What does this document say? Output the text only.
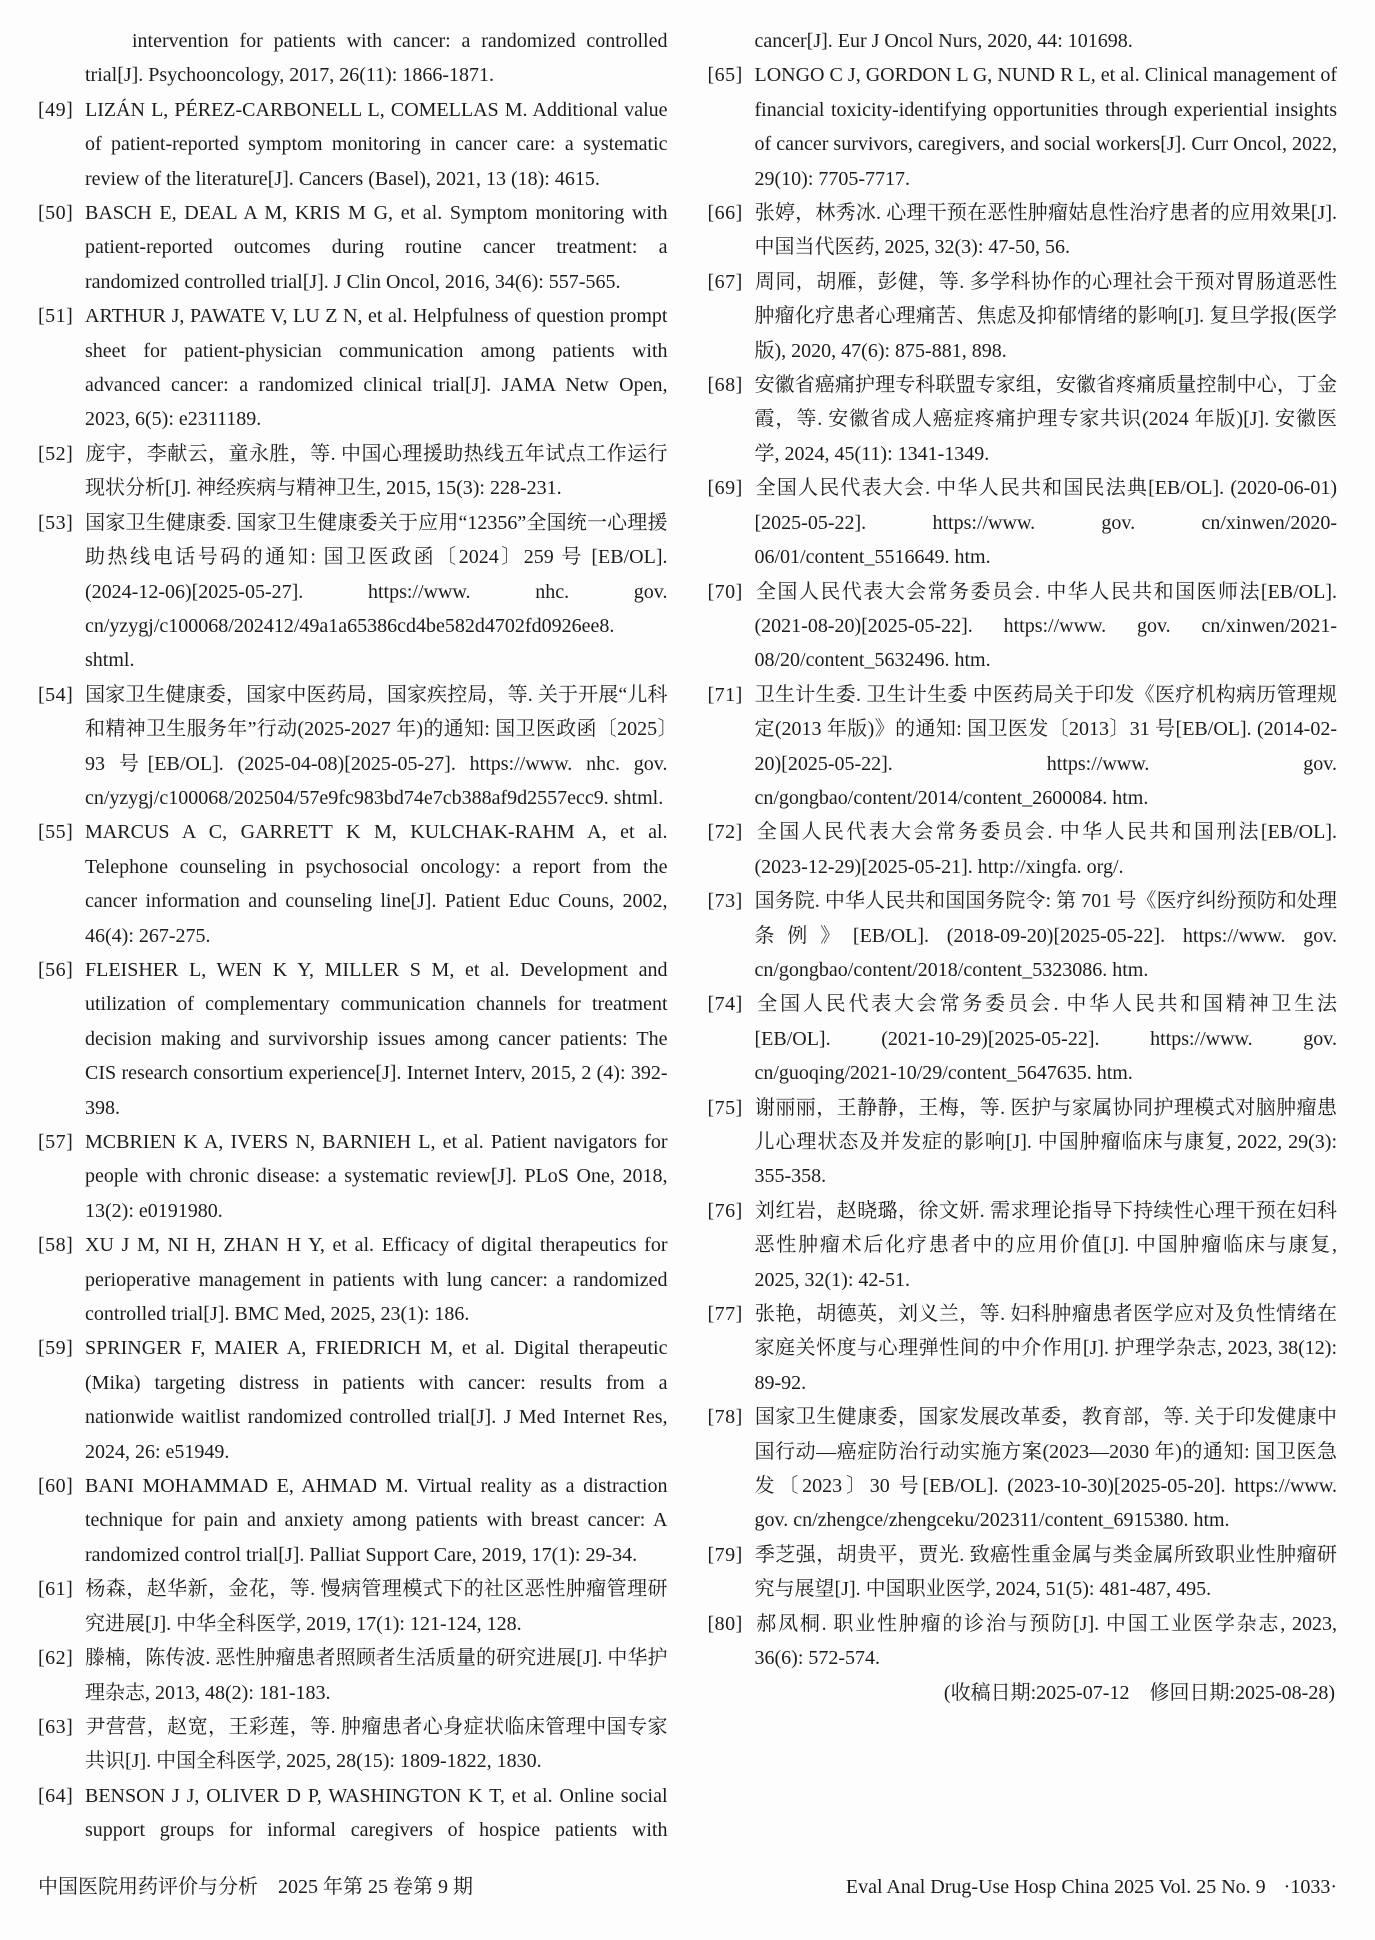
intervention for patients with cancer: a randomized controlled trial[J]. Psychooncology, 2017, 26(11): 1866-1871.
[49] LIZÁN L, PÉREZ-CARBONELL L, COMELLAS M. Additional value of patient-reported symptom monitoring in cancer care: a systematic review of the literature[J]. Cancers (Basel), 2021, 13 (18): 4615.
[50] BASCH E, DEAL A M, KRIS M G, et al. Symptom monitoring with patient-reported outcomes during routine cancer treatment: a randomized controlled trial[J]. J Clin Oncol, 2016, 34(6): 557-565.
[51] ARTHUR J, PAWATE V, LU Z N, et al. Helpfulness of question prompt sheet for patient-physician communication among patients with advanced cancer: a randomized clinical trial[J]. JAMA Netw Open, 2023, 6(5): e2311189.
[52] 庞宇，李献云，童永胜，等. 中国心理援助热线五年试点工作运行现状分析[J]. 神经疾病与精神卫生, 2015, 15(3): 228-231.
[53] 国家卫生健康委. 国家卫生健康委关于应用“12356”全国统一心理援助热线电话号码的通知: 国卫医政函〔2024〕259 号 [EB/OL]. (2024-12-06)[2025-05-27]. https://www. nhc. gov. cn/yzygj/c100068/202412/49a1a65386cd4be582d4702fd0926ee8. shtml.
[54] 国家卫生健康委，国家中医药局，国家疾控局，等. 关于开展“儿科和精神卫生服务年”行动(2025-2027 年)的通知: 国卫医政函〔2025〕93 号[EB/OL]. (2025-04-08)[2025-05-27]. https://www. nhc. gov. cn/yzygj/c100068/202504/57e9fc983bd74e7cb388af9d2557ecc9. shtml.
[55] MARCUS A C, GARRETT K M, KULCHAK-RAHM A, et al. Telephone counseling in psychosocial oncology: a report from the cancer information and counseling line[J]. Patient Educ Couns, 2002, 46(4): 267-275.
[56] FLEISHER L, WEN K Y, MILLER S M, et al. Development and utilization of complementary communication channels for treatment decision making and survivorship issues among cancer patients: The CIS research consortium experience[J]. Internet Interv, 2015, 2 (4): 392-398.
[57] MCBRIEN K A, IVERS N, BARNIEH L, et al. Patient navigators for people with chronic disease: a systematic review[J]. PLoS One, 2018, 13(2): e0191980.
[58] XU J M, NI H, ZHAN H Y, et al. Efficacy of digital therapeutics for perioperative management in patients with lung cancer: a randomized controlled trial[J]. BMC Med, 2025, 23(1): 186.
[59] SPRINGER F, MAIER A, FRIEDRICH M, et al. Digital therapeutic (Mika) targeting distress in patients with cancer: results from a nationwide waitlist randomized controlled trial[J]. J Med Internet Res, 2024, 26: e51949.
[60] BANI MOHAMMAD E, AHMAD M. Virtual reality as a distraction technique for pain and anxiety among patients with breast cancer: A randomized control trial[J]. Palliat Support Care, 2019, 17(1): 29-34.
[61] 杨森，赵华新，金花，等. 慢病管理模式下的社区恶性肿瘤管理研究进展[J]. 中华全科医学, 2019, 17(1): 121-124, 128.
[62] 滕楠，陈传波. 恶性肿瘤患者照顾者生活质量的研究进展[J]. 中华护理杂志, 2013, 48(2): 181-183.
[63] 尹营营，赵宽，王彩莲，等. 肿瘤患者心身症状临床管理中国专家共识[J]. 中国全科医学, 2025, 28(15): 1809-1822, 1830.
[64] BENSON J J, OLIVER D P, WASHINGTON K T, et al. Online social support groups for informal caregivers of hospice patients with cancer[J]. Eur J Oncol Nurs, 2020, 44: 101698.
[65] LONGO C J, GORDON L G, NUND R L, et al. Clinical management of financial toxicity-identifying opportunities through experiential insights of cancer survivors, caregivers, and social workers[J]. Curr Oncol, 2022, 29(10): 7705-7717.
[66] 张婷，林秀冰. 心理干预在恶性肿瘤姑息性治疗患者的应用效果[J]. 中国当代医药, 2025, 32(3): 47-50, 56.
[67] 周同，胡雁，彭健，等. 多学科协作的心理社会干预对胃肠道恶性肿瘤化疗患者心理痛苦、焦虑及抑郁情绪的影响[J]. 复旦学报(医学版), 2020, 47(6): 875-881, 898.
[68] 安徽省癌痛护理专科联盟专家组，安徽省疼痛质量控制中心，丁金霞，等. 安徽省成人癌症疼痛护理专家共识(2024 年版)[J]. 安徽医学, 2024, 45(11): 1341-1349.
[69] 全国人民代表大会. 中华人民共和国民法典[EB/OL]. (2020-06-01)[2025-05-22]. https://www. gov. cn/xinwen/2020-06/01/content_5516649. htm.
[70] 全国人民代表大会常务委员会. 中华人民共和国医师法[EB/OL]. (2021-08-20)[2025-05-22]. https://www. gov. cn/xinwen/2021-08/20/content_5632496. htm.
[71] 卫生计生委. 卫生计生委 中医药局关于印发《医疗机构病历管理规定(2013 年版)》的通知: 国卫医发〔2013〕31 号[EB/OL]. (2014-02-20)[2025-05-22]. https://www. gov. cn/gongbao/content/2014/content_2600084. htm.
[72] 全国人民代表大会常务委员会. 中华人民共和国刑法[EB/OL]. (2023-12-29)[2025-05-21]. http://xingfa. org/.
[73] 国务院. 中华人民共和国国务院令: 第 701 号《医疗纠纷预防和处理条例》[EB/OL]. (2018-09-20)[2025-05-22]. https://www. gov. cn/gongbao/content/2018/content_5323086. htm.
[74] 全国人民代表大会常务委员会. 中华人民共和国精神卫生法 [EB/OL]. (2021-10-29)[2025-05-22]. https://www. gov. cn/guoqing/2021-10/29/content_5647635. htm.
[75] 谢丽丽，王静静，王梅，等. 医护与家属协同护理模式对脑肿瘤患儿心理状态及并发症的影响[J]. 中国肿瘤临床与康复, 2022, 29(3): 355-358.
[76] 刘红岩，赵晓璐，徐文妍. 需求理论指导下持续性心理干预在妇科恶性肿瘤术后化疗患者中的应用价值[J]. 中国肿瘤临床与康复, 2025, 32(1): 42-51.
[77] 张艳，胡德英，刘义兰，等. 妇科肿瘤患者医学应对及负性情绪在家庭关怀度与心理弹性间的中介作用[J]. 护理学杂志, 2023, 38(12): 89-92.
[78] 国家卫生健康委，国家发展改革委，教育部，等. 关于印发健康中国行动—癌症防治行动实施方案(2023—2030 年)的通知: 国卫医急发〔2023〕30 号[EB/OL]. (2023-10-30)[2025-05-20]. https://www. gov. cn/zhengce/zhengceku/202311/content_6915380. htm.
[79] 季芝强，胡贵平，贾光. 致癌性重金属与类金属所致职业性肿瘤研究与展望[J]. 中国职业医学, 2024, 51(5): 481-487, 495.
[80] 郝凤桐. 职业性肿瘤的诊治与预防[J]. 中国工业医学杂志, 2023, 36(6): 572-574.
(收稿日期:2025-07-12　修回日期:2025-08-28)
中国医院用药评价与分析　2025 年第 25 卷第 9 期	Eval Anal Drug-Use Hosp China 2025 Vol. 25 No. 9 ·1033·
